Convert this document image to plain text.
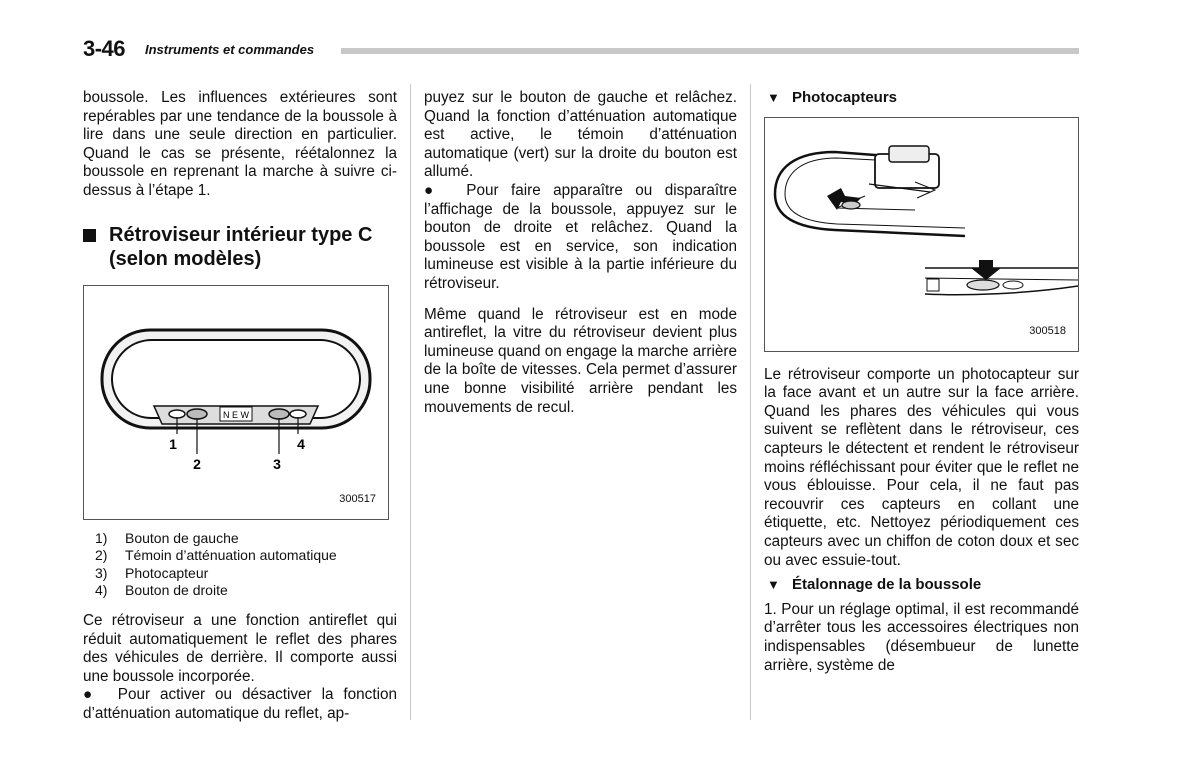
3-46 Instruments et commandes

boussole. Les influences extérieures sont repérables par une tendance de la boussole à lire dans une seule direction en particulier. Quand le cas se présente, réétalonnez la boussole en reprenant la marche à suivre ci-dessus à l’étape 1.

Rétroviseur intérieur type C
(selon modèles)
N E W
1
2	3
4
300517
1) Bouton de gauche
2) Témoin d’atténuation automatique
3) Photocapteur
4) Bouton de droite

Ce rétroviseur a une fonction antireflet qui réduit automatiquement le reflet des phares des véhicules de derrière. Il comporte aussi une boussole incorporée.

●  Pour activer ou désactiver la fonction d’atténuation automatique du reflet, ap-

puyez sur le bouton de gauche et relâchez. Quand la fonction d’atténuation automatique est active, le témoin d’atténuation automatique (vert) sur la droite du bouton est allumé.

●  Pour faire apparaître ou disparaître l’affichage de la boussole, appuyez sur le bouton de droite et relâchez. Quand la boussole est en service, son indication lumineuse est visible à la partie inférieure du rétroviseur.

Même quand le rétroviseur est en mode antireflet, la vitre du rétroviseur devient plus lumineuse quand on engage la marche arrière de la boîte de vitesses. Cela permet d’assurer une bonne visibilité arrière pendant les mouvements de recul.

▼ Photocapteurs

300518

Le rétroviseur comporte un photocapteur sur la face avant et un autre sur la face arrière. Quand les phares des véhicules qui vous suivent se reflètent dans le rétroviseur, ces capteurs le détectent et rendent le rétroviseur moins réfléchissant pour éviter que le reflet ne vous éblouisse. Pour cela, il ne faut pas recouvrir ces capteurs en collant une étiquette, etc. Nettoyez périodiquement ces capteurs avec un chiffon de coton doux et sec ou avec essuie-tout.

▼ Étalonnage de la boussole

1. Pour un réglage optimal, il est recommandé d’arrêter tous les accessoires électriques non indispensables (désembueur de lunette arrière, système de
